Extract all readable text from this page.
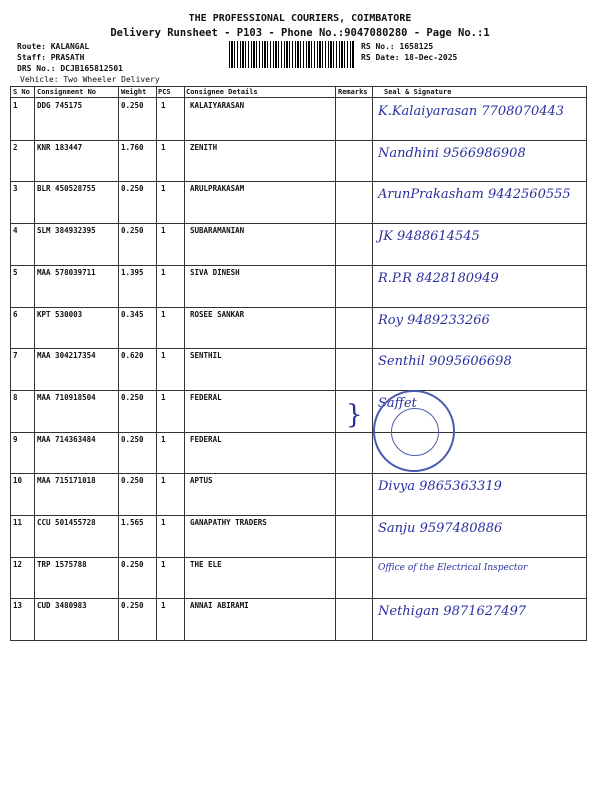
THE PROFESSIONAL COURIERS, COIMBATORE
Delivery Runsheet - P103 - Phone No.:9047080280 - Page No.:1
Route: KALANGAL
Staff: PRASATH
DRS No.: DCJB165812501
Vehicle: Two Wheeler Delivery
RS No.: 1658125
RS Date: 18-Dec-2025
S No Consignment No	Weight PCS Consignee Details	Remarks Seal & Signature
1	DDG 745175	0.250 1	KALAIYARASAN	K.Kalaiyarasan 7708070443
2	KNR 183447	1.760 1	ZENITH	Nandhini 9566986908
3	BLR 450528755	0.250 1	ARULPRAKASAM	ArunPrakasham 9442560555
4	SLM 384932395	0.250 1	SUBARAMANIAN	JK 9488614545
5	MAA 578039711	1.395 1	SIVA DINESH	R.P.R 8428180949
6	KPT 530003	0.345 1	ROSEE SANKAR	Roy 9489233266
7	MAA 304217354	0.620 1	SENTHIL	Senthil 9095606698
8	MAA 710918504	0.250 1	FEDERAL	Saffet
9	MAA 714363484	0.250 1	FEDERAL
10 MAA 715171018	0.250 1	APTUS	Divya 9865363319
11 CCU 501455728	1.565 1	GANAPATHY TRADERS	Sanju 9597480886
12 TRP 1575788	0.250 1	THE ELE	Office of the Electrical Inspector
13 CUD 3480983	0.250 1	ANNAI ABIRAMI	Nethigan 9871627497
}
